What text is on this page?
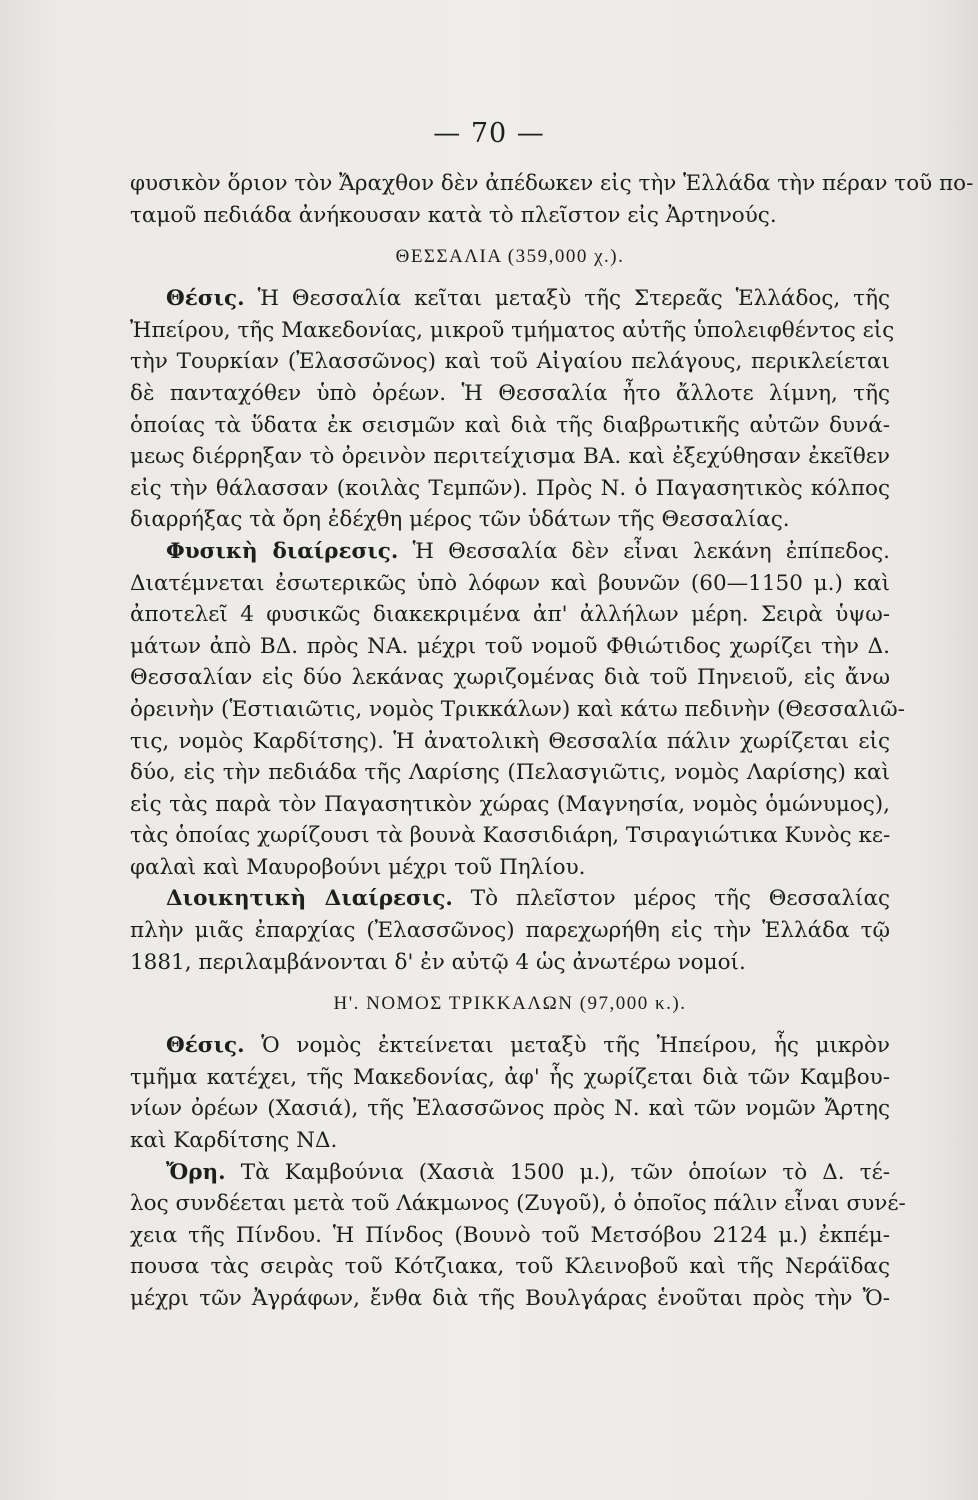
— 70 —
φυσικὸν ὅριον τὸν Ἄραχθον δὲν ἀπέδωκεν εἰς τὴν Ἑλλάδα τὴν πέραν τοῦ πο-
ταμοῦ πεδιάδα ἀνήκουσαν κατὰ τὸ πλεῖστον εἰς Ἀρτηνούς.
ΘΕΣΣΑΛΙΑ (359,000 χ.).
Θέσις. Ἡ Θεσσαλία κεῖται μεταξὺ τῆς Στερεᾶς Ἑλλάδος, τῆς
Ἠπείρου, τῆς Μακεδονίας, μικροῦ τμήματος αὐτῆς ὑπολειφθέντος εἰς
τὴν Τουρκίαν (Ἐλασσῶνος) καὶ τοῦ Αἰγαίου πελάγους, περικλείεται
δὲ πανταχόθεν ὑπὸ ὀρέων. Ἡ Θεσσαλία ἦτο ἄλλοτε λίμνη, τῆς
ὁποίας τὰ ὕδατα ἐκ σεισμῶν καὶ διὰ τῆς διαβρωτικῆς αὐτῶν δυνά-
μεως διέρρηξαν τὸ ὀρεινὸν περιτείχισμα ΒΑ. καὶ ἐξεχύθησαν ἐκεῖθεν
εἰς τὴν θάλασσαν (κοιλὰς Τεμπῶν). Πρὸς Ν. ὁ Παγασητικὸς κόλπος
διαρρήξας τὰ ὄρη ἐδέχθη μέρος τῶν ὑδάτων τῆς Θεσσαλίας.
Φυσικὴ διαίρεσις. Ἡ Θεσσαλία δὲν εἶναι λεκάνη ἐπίπεδος.
Διατέμνεται ἐσωτερικῶς ὑπὸ λόφων καὶ βουνῶν (60—1150 μ.) καὶ
ἀποτελεῖ 4 φυσικῶς διακεκριμένα ἀπ' ἀλλήλων μέρη. Σειρὰ ὑψω-
μάτων ἀπὸ ΒΔ. πρὸς ΝΑ. μέχρι τοῦ νομοῦ Φθιώτιδος χωρίζει τὴν Δ.
Θεσσαλίαν εἰς δύο λεκάνας χωριζομένας διὰ τοῦ Πηνειοῦ, εἰς ἄνω
ὀρεινὴν (Ἑστιαιῶτις, νομὸς Τρικκάλων) καὶ κάτω πεδινὴν (Θεσσαλιῶ-
τις, νομὸς Καρδίτσης). Ἡ ἀνατολικὴ Θεσσαλία πάλιν χωρίζεται εἰς
δύο, εἰς τὴν πεδιάδα τῆς Λαρίσης (Πελασγιῶτις, νομὸς Λαρίσης) καὶ
εἰς τὰς παρὰ τὸν Παγασητικὸν χώρας (Μαγνησία, νομὸς ὁμώνυμος),
τὰς ὁποίας χωρίζουσι τὰ βουνὰ Κασσιδιάρη, Τσιραγιώτικα Κυνὸς κε-
φαλαὶ καὶ Μαυροβούνι μέχρι τοῦ Πηλίου.
Διοικητικὴ Διαίρεσις. Τὸ πλεῖστον μέρος τῆς Θεσσαλίας
πλὴν μιᾶς ἐπαρχίας (Ἐλασσῶνος) παρεχωρήθη εἰς τὴν Ἑλλάδα τῷ
1881, περιλαμβάνονται δ' ἐν αὐτῷ 4 ὡς ἀνωτέρω νομοί.
Η'. ΝΟΜΟΣ ΤΡΙΚΚΑΛΩΝ (97,000 κ.).
Θέσις. Ὁ νομὸς ἐκτείνεται μεταξὺ τῆς Ἠπείρου, ἧς μικρὸν
τμῆμα κατέχει, τῆς Μακεδονίας, ἀφ' ἧς χωρίζεται διὰ τῶν Καμβου-
νίων ὀρέων (Χασιά), τῆς Ἐλασσῶνος πρὸς Ν. καὶ τῶν νομῶν Ἄρτης
καὶ Καρδίτσης ΝΔ.
Ὄρη. Τὰ Καμβούνια (Χασιὰ 1500 μ.), τῶν ὁποίων τὸ Δ. τέ-
λος συνδέεται μετὰ τοῦ Λάκμωνος (Ζυγοῦ), ὁ ὁποῖος πάλιν εἶναι συνέ-
χεια τῆς Πίνδου. Ἡ Πίνδος (Βουνὸ τοῦ Μετσόβου 2124 μ.) ἐκπέμ-
πουσα τὰς σειρὰς τοῦ Κότζιακα, τοῦ Κλεινοβοῦ καὶ τῆς Νεράϊδας
μέχρι τῶν Ἀγράφων, ἔνθα διὰ τῆς Βουλγάρας ἑνοῦται πρὸς τὴν Ὄ-
